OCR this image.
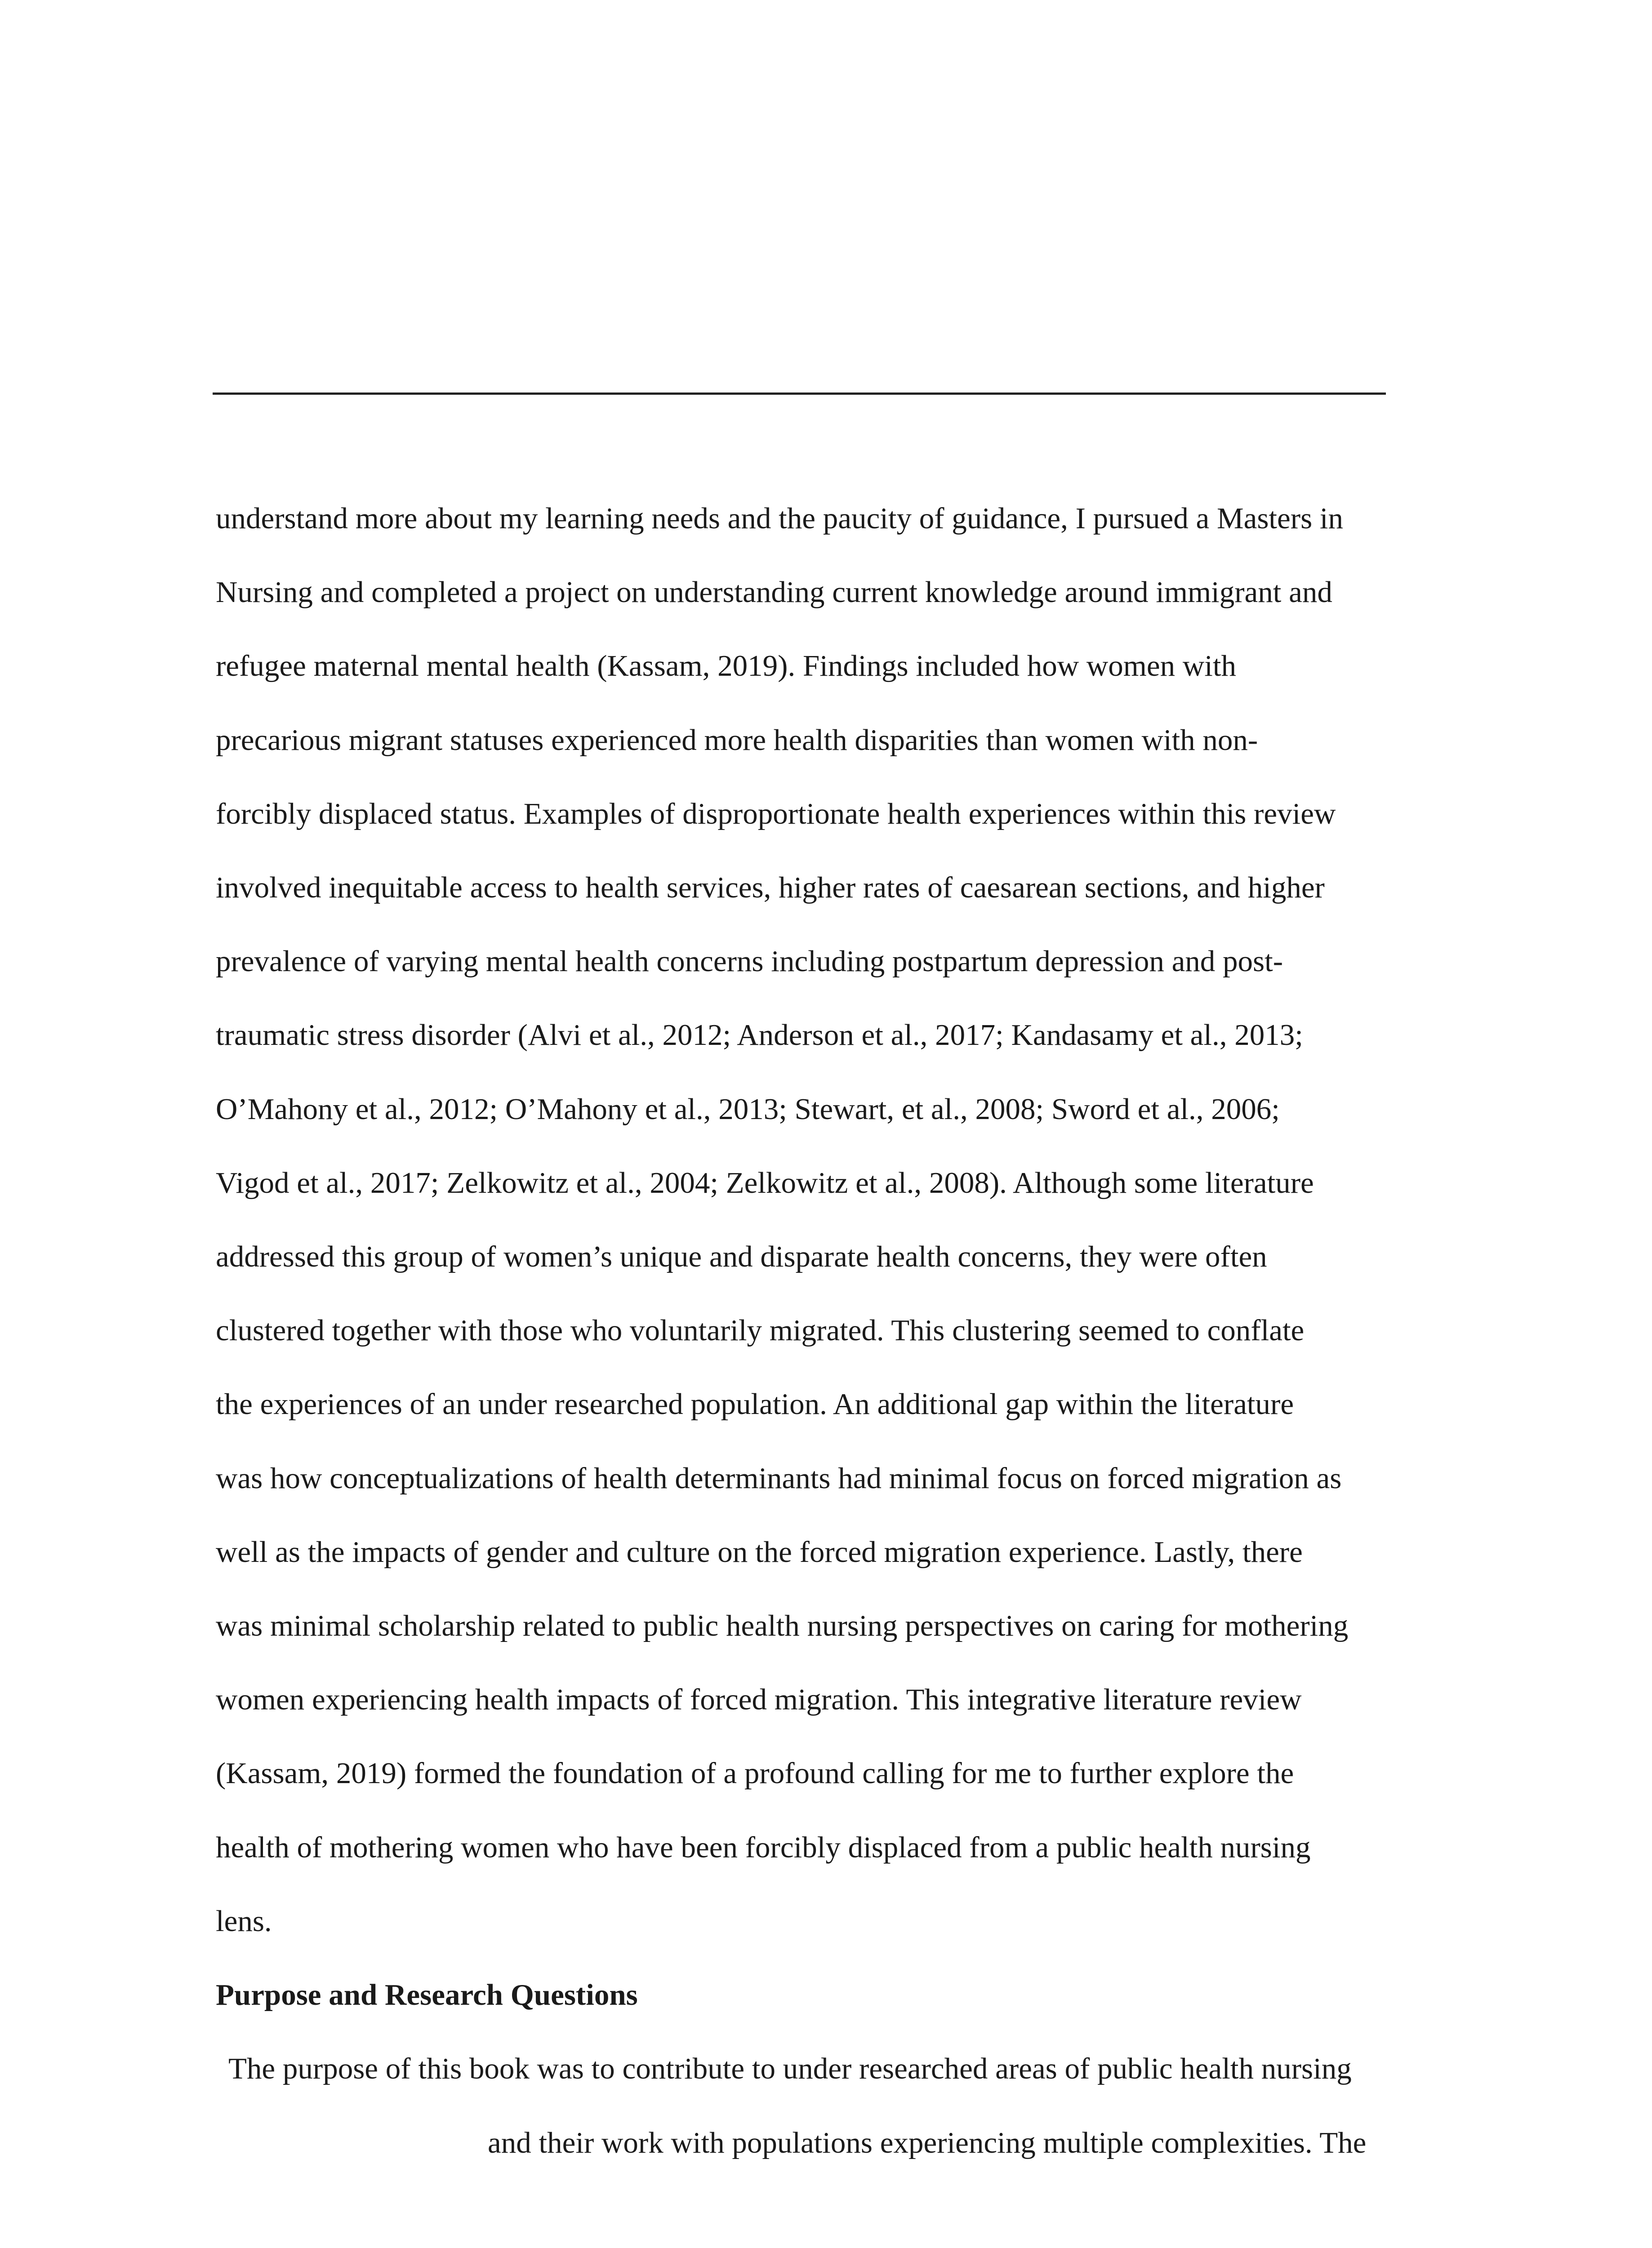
understand more about my learning needs and the paucity of guidance, I pursued a Masters in
Nursing and completed a project on understanding current knowledge around immigrant and
refugee maternal mental health (Kassam, 2019). Findings included how women with
precarious migrant statuses experienced more health disparities than women with non-
forcibly displaced status. Examples of disproportionate health experiences within this review
involved inequitable access to health services, higher rates of caesarean sections, and higher
prevalence of varying mental health concerns including postpartum depression and post-
traumatic stress disorder (Alvi et al., 2012; Anderson et al., 2017; Kandasamy et al., 2013;
O’Mahony et al., 2012; O’Mahony et al., 2013; Stewart, et al., 2008; Sword et al., 2006;
Vigod et al., 2017; Zelkowitz et al., 2004; Zelkowitz et al., 2008). Although some literature
addressed this group of women’s unique and disparate health concerns, they were often
clustered together with those who voluntarily migrated. This clustering seemed to conflate
the experiences of an under researched population. An additional gap within the literature
was how conceptualizations of health determinants had minimal focus on forced migration as
well as the impacts of gender and culture on the forced migration experience. Lastly, there
was minimal scholarship related to public health nursing perspectives on caring for mothering
women experiencing health impacts of forced migration. This integrative literature review
(Kassam, 2019) formed the foundation of a profound calling for me to further explore the
health of mothering women who have been forcibly displaced from a public health nursing
lens.
Purpose and Research Questions
The purpose of this book was to contribute to under researched areas of public health nursing
and their work with populations experiencing multiple complexities. The
